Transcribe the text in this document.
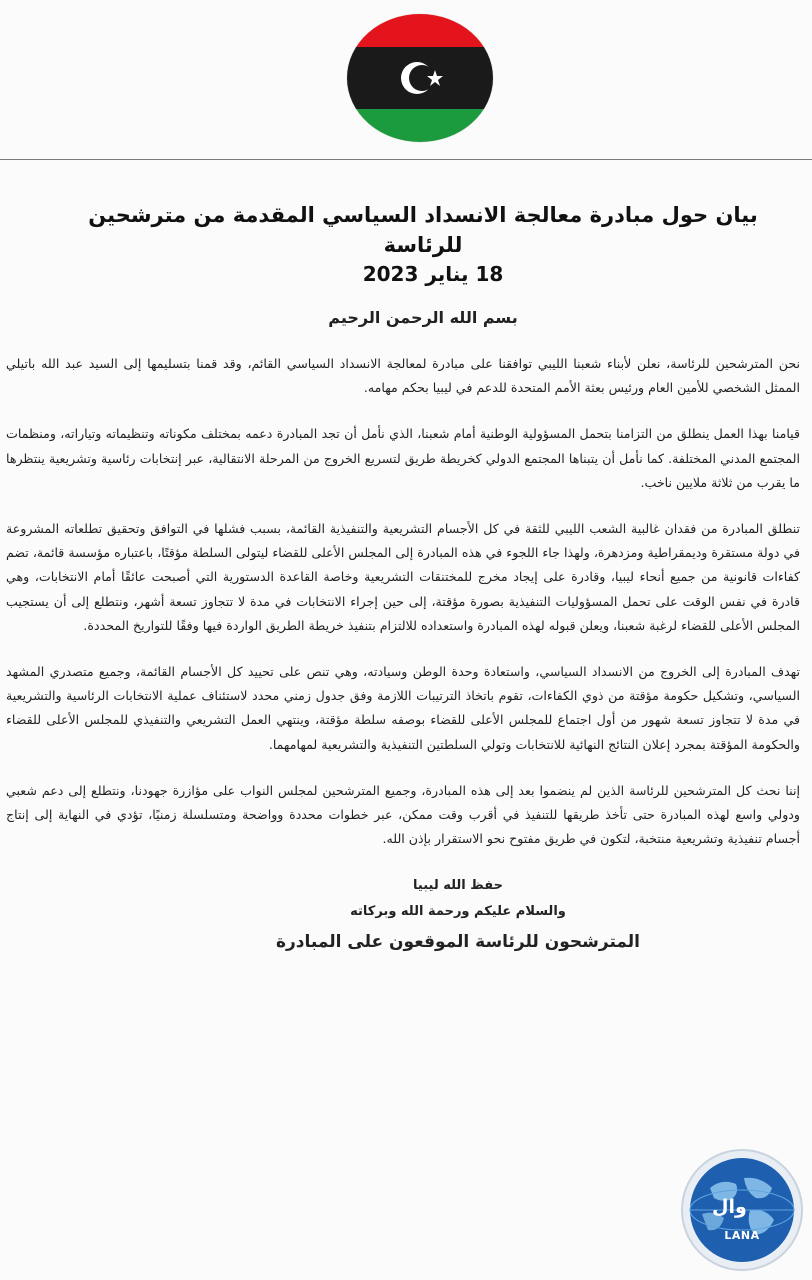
بيان حول مبادرة معالجة الانسداد السياسي المقدمة من مترشحين للرئاسة

18 يناير 2023

بسم الله الرحمن الرحيم

نحن المترشحين للرئاسة، نعلن لأبناء شعبنا الليبي توافقنا على مبادرة لمعالجة الانسداد السياسي القائم، وقد قمنا بتسليمها إلى السيد عبد الله باتيلي الممثل الشخصي للأمين العام ورئيس بعثة الأمم المتحدة للدعم في ليبيا بحكم مهامه.

قيامنا بهذا العمل ينطلق من التزامنا بتحمل المسؤولية الوطنية أمام شعبنا، الذي نأمل أن تجد المبادرة دعمه بمختلف مكوناته وتنظيماته وتياراته، ومنظمات المجتمع المدني المختلفة. كما نأمل أن يتبناها المجتمع الدولي كخريطة طريق لتسريع الخروج من المرحلة الانتقالية، عبر إنتخابات رئاسية وتشريعية ينتظرها ما يقرب من ثلاثة ملايين ناخب.

تنطلق المبادرة من فقدان غالبية الشعب الليبي للثقة في كل الأجسام التشريعية والتنفيذية القائمة، بسبب فشلها في التوافق وتحقيق تطلعاته المشروعة في دولة مستقرة وديمقراطية ومزدهرة، ولهذا جاء اللجوء في هذه المبادرة إلى المجلس الأعلى للقضاء ليتولى السلطة مؤقتًا، باعتباره مؤسسة قائمة، تضم كفاءات قانونية من جميع أنحاء ليبيا، وقادرة على إيجاد مخرج للمختنقات التشريعية وخاصة القاعدة الدستورية التي أصبحت عائقًا أمام الانتخابات، وهي قادرة في نفس الوقت على تحمل المسؤوليات التنفيذية بصورة مؤقتة، إلى حين إجراء الانتخابات في مدة لا تتجاوز تسعة أشهر، ونتطلع إلى أن يستجيب المجلس الأعلى للقضاء لرغبة شعبنا، ويعلن قبوله لهذه المبادرة واستعداده للالتزام بتنفيذ خريطة الطريق الواردة فيها وفقًا للتواريخ المحددة.

تهدف المبادرة إلى الخروج من الانسداد السياسي، واستعادة وحدة الوطن وسيادته، وهي تنص على تحييد كل الأجسام القائمة، وجميع متصدري المشهد السياسي، وتشكيل حكومة مؤقتة من ذوي الكفاءات، تقوم باتخاذ الترتيبات اللازمة وفق جدول زمني محدد لاستئناف عملية الانتخابات الرئاسية والتشريعية في مدة لا تتجاوز تسعة شهور من أول اجتماع للمجلس الأعلى للقضاء بوصفه سلطة مؤقتة، وينتهي العمل التشريعي والتنفيذي للمجلس الأعلى للقضاء والحكومة المؤقتة بمجرد إعلان النتائج النهائية للانتخابات وتولي السلطتين التنفيذية والتشريعية لمهامهما.

إننا نحث كل المترشحين للرئاسة الذين لم ينضموا بعد إلى هذه المبادرة، وجميع المترشحين لمجلس النواب على مؤازرة جهودنا، ونتطلع إلى دعم شعبي ودولي واسع لهذه المبادرة حتى تأخذ طريقها للتنفيذ في أقرب وقت ممكن، عبر خطوات محددة وواضحة ومتسلسلة زمنيًا، تؤدي في النهاية إلى إنتاج أجسام تنفيذية وتشريعية منتخبة، لتكون في طريق مفتوح نحو الاستقرار بإذن الله.

حفظ الله ليبيا
والسلام عليكم ورحمة الله وبركاته
المترشحون للرئاسة الموقعون على المبادرة
وال
LANA
